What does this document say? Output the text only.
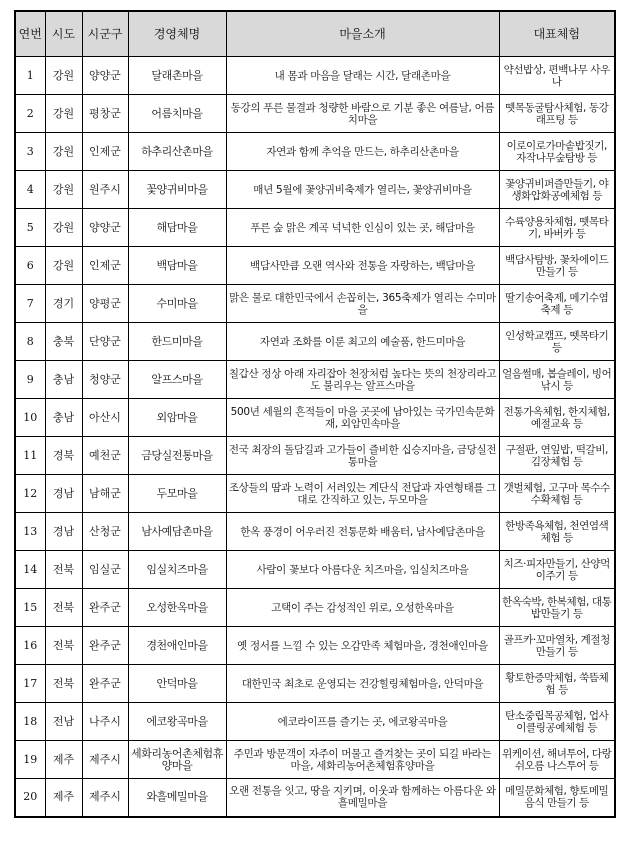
연번	시도	시군구	경영체명	마을소개	대표체험
1	강원	양양군	달래촌마을	내 몸과 마음을 달래는 시간, 달래촌마을	약선밥상, 편백나무 사우나
2	강원	평창군	어름치마을	동강의 푸른 물결과 청량한 바람으로 기분 좋은 여름날, 어름치마을	뗏목동굴탐사체험, 동강래프팅 등
3	강원	인제군	하추리산촌마을	자연과 함께 추억을 만드는, 하추리산촌마을	이로이로가마솥밥짓기, 자작나무숲탐방 등
4	강원	원주시	꽃양귀비마을	매년 5월에 꽃양귀비축제가 열리는, 꽃양귀비마을	꽃양귀비퍼즐만들기, 야생화압화공예체험 등
5	강원	양양군	해담마을	푸른 숲 맑은 계곡 넉넉한 인심이 있는 곳, 해담마을	수륙양용차체험, 뗏목타기, 바버카 등
6	강원	인제군	백담마을	백담사만큼 오랜 역사와 전통을 자랑하는, 백담마을	백담사탐방, 꽃차에이드만들기 등
7	경기	양평군	수미마을	맑은 물로 대한민국에서 손꼽히는, 365축제가 열리는 수미마을	딸기송어축제, 메기수염축제 등
8	충북	단양군	한드미마을	자연과 조화를 이룬 최고의 예술품, 한드미마을	인성학교캠프, 뗏목타기 등
9	충남	청양군	알프스마을	칠갑산 정상 아래 자리잡아 천장처럼 높다는 뜻의 천장리라고도 불리우는 알프스마을	얼음썰매, 봅슬레이, 빙어낚시 등
10	충남	아산시	외암마을	500년 세월의 흔적들이 마을 곳곳에 남아있는 국가민속문화재, 외암민속마을	전통가옥체험, 한지체험, 예절교육 등
11	경북	예천군	금당실전통마을	전국 최장의 돌담길과 고가들이 즐비한 십승지마을, 금당실전통마을	구절판, 연잎밥, 떡갈비, 김장체험 등
12	경남	남해군	두모마을	조상들의 땀과 노력이 서려있는 계단식 전답과 자연형태를 그대로 간직하고 있는, 두모마을	갯벌체험, 고구마 목수수 수확체험 등
13	경남	산청군	남사예담촌마을	한옥 풍경이 어우러진 전통문화 배움터, 남사예담촌마을	한방족욕체험, 천연염색체험 등
14	전북	임실군	임실치즈마을	사람이 꽃보다 아름다운 치즈마을, 임실치즈마을	치즈·피자만들기, 산양먹이주기 등
15	전북	완주군	오성한옥마을	고택이 주는 감성적인 위로, 오성한옥마을	한옥숙박, 한복체험, 대통밥만들기 등
16	전북	완주군	경천애인마을	옛 정서를 느낄 수 있는 오감만족 체험마을, 경천애인마을	골프카·꼬마열차, 계절청 만들기 등
17	전북	완주군	안덕마을	대한민국 최초로 운영되는 건강힐링체험마을, 안덕마을	황토한증막체험, 쑥뜸체험 등
18	전남	나주시	에코왕곡마을	에코라이프를 즐기는 곳, 에코왕곡마을	탄소중립목공체험, 업사이클링공예체험 등
19	제주	제주시	세화리농어촌체험휴양마을	주민과 방문객이 자주이 머물고 즐겨찾는 곳이 되길 바라는 마을, 세화리농어촌체험휴양마을	위케이션, 해녀투어, 다랑쉬오름 나스투어 등
20	제주	제주시	와흘메밀마을	오랜 전통을 잇고, 땅을 지키며, 이웃과 함께하는 아름다운 와흘메밀마을	메밀문화체험, 향토메밀음식 만들기 등
